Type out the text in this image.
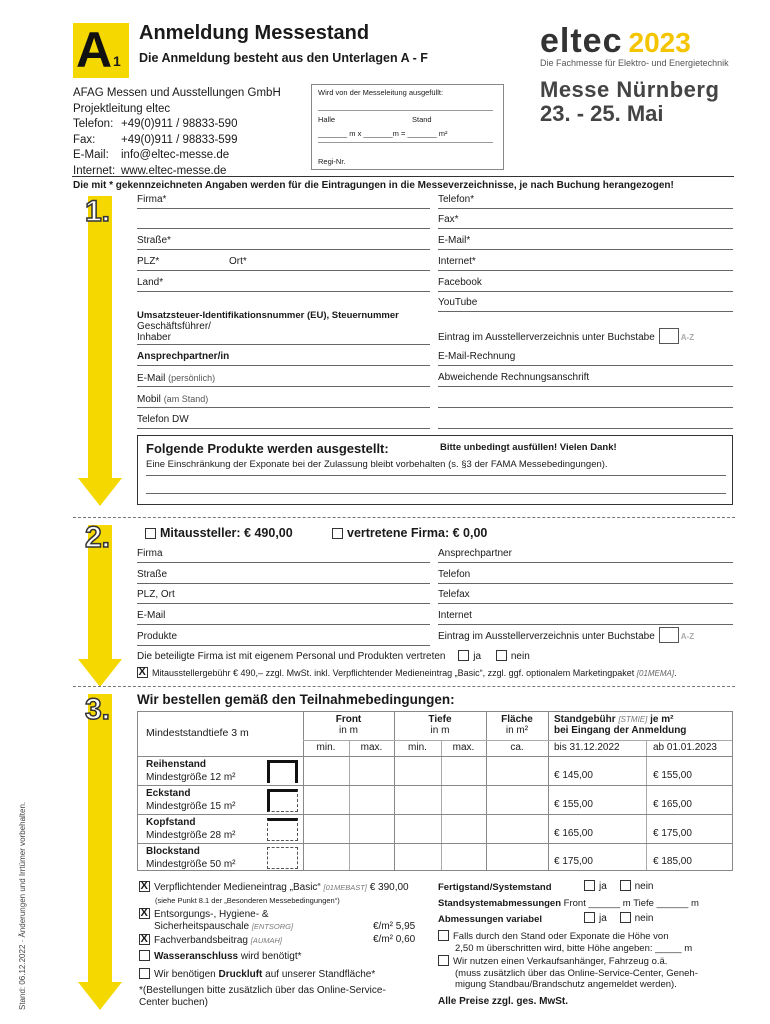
A 1
Anmeldung Messestand
Die Anmeldung besteht aus den Unterlagen A - F	eltec 2023
Die Fachmesse für Elektro- und Energietechnik
Messe Nürnberg
23. - 25. Mai
AFAG Messen und Ausstellungen GmbH
Projektleitung eltec
Telefon: +49(0)911 / 98833-590
Fax:	+49(0)911 / 98833-599
E-Mail:	info@eltec-messe.de
Internet: www.eltec-messe.de
Wird von der Messeleitung ausgefüllt:
Halle	Stand
_______ m x _______m = _______ m²
Regi-Nr.
Die mit * gekennzeichneten Angaben werden für die Eintragungen in die Messeverzeichnisse, je nach Buchung herangezogen!
1.	Firma*
Straße*
PLZ*	Ort*
Land*
Telefon*
Fax*
E-Mail*
Internet*
Facebook
YouTube
Umsatzsteuer-Identifikationsnummer (EU), Steuernummer
Geschäftsführer/
Inhaber	Eintrag im Ausstellerverzeichnis unter Buchstabe	A-Z
Ansprechpartner/in	E-Mail-Rechnung
E-Mail (persönlich)	Abweichende Rechnungsanschrift
Mobil (am Stand)
Telefon DW
Folgende Produkte werden ausgestellt:	Bitte unbedingt ausfüllen! Vielen Dank!
Eine Einschränkung der Exponate bei der Zulassung bleibt vorbehalten (s. §3 der FAMA Messebedingungen).
2.	Mitaussteller: € 490,00	vertretene Firma: € 0,00
Firma
Straße
PLZ, Ort
E-Mail
Produkte
Ansprechpartner
Telefon
Telefax
Internet
Eintrag im Ausstellerverzeichnis unter Buchstabe	A-Z
Die beteiligte Firma ist mit eigenem Personal und Produkten vertreten	ja	nein
XMitausstellergebühr € 490,– zzgl. MwSt. inkl. Verpflichtender Medieneintrag „Basic“, zzgl. ggf. optionalem Marketingpaket [01MEMA].
3. Wir bestellen gemäß den Teilnahmebedingungen:
Mindeststandtiefe 3 m
Front
in m
Tiefe
in m
Fläche
in m²
Standgebühr [STMIE] je m²
bei Eingang der Anmeldung
min.	max.	min.	max.	ca.	bis 31.12.2022	ab 01.01.2023
Reihenstand
Mindestgröße 12 m²	€ 145,00	€ 155,00
Eckstand
Mindestgröße 15 m²	€ 155,00	€ 165,00
Kopfstand
Mindestgröße 28 m²	€ 165,00	€ 175,00
Blockstand
Mindestgröße 50 m²	€ 175,00	€ 185,00
XVerpflichtender Medieneintrag „Basic“ [01MEBAST] € 390,00
(siehe Punkt 8.1 der „Besonderen Messebedingungen“)
XEntsorgungs-, Hygiene- &
Sicherheitspauschale [ENTSORG]	€/m² 5,95
XFachverbandsbeitrag [AUMAH]	€/m² 0,60
Wasseranschluss wird benötigt*
Wir benötigen Druckluft auf unserer Standfläche*
*(Bestellungen bitte zusätzlich über das Online-Service-
Center buchen)
Fertigstand/Systemstand	ja	nein
Standsystemabmessungen Front ______ m Tiefe ______ m
Abmessungen variabel	ja	nein
Falls durch den Stand oder Exponate die Höhe von
2,50 m überschritten wird, bitte Höhe angeben: _____ m
Wir nutzen einen Verkaufsanhänger, Fahrzeug o.ä.
(muss zusätzlich über das Online-Service-Center, Geneh-
migung Standbau/Brandschutz angemeldet werden).
Alle Preise zzgl. ges. MwSt.
Stand: 06.12.2022 · Änderungen und Irrtümer vorbehalten.
